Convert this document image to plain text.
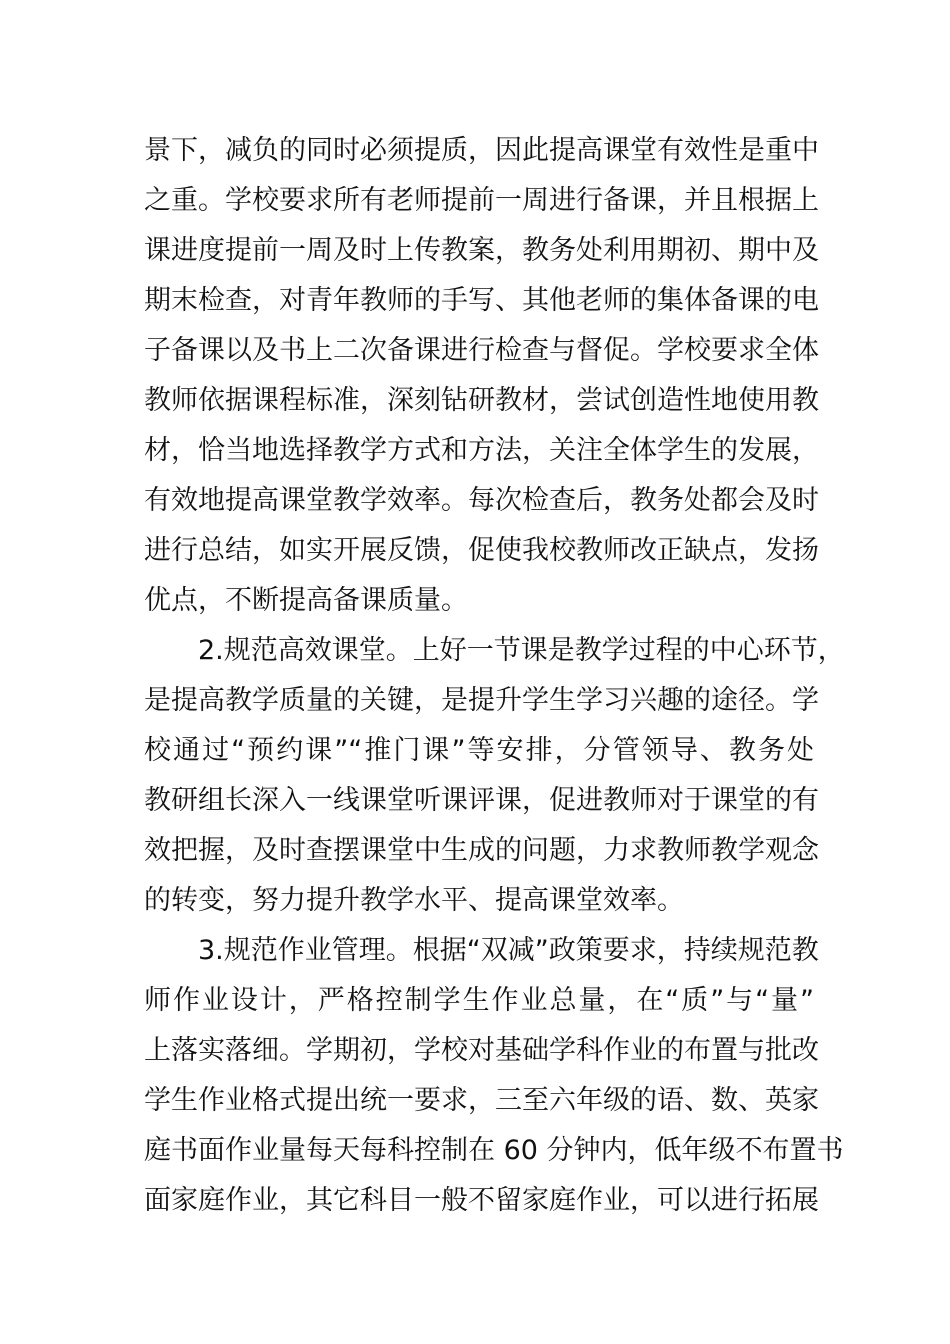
景下，减负的同时必须提质，因此提高课堂有效性是重中
之重。学校要求所有老师提前一周进行备课，并且根据上
课进度提前一周及时上传教案，教务处利用期初、期中及
期末检查，对青年教师的手写、其他老师的集体备课的电
子备课以及书上二次备课进行检查与督促。学校要求全体
教师依据课程标准，深刻钻研教材，尝试创造性地使用教
材，恰当地选择教学方式和方法，关注全体学生的发展，
有效地提高课堂教学效率。每次检查后，教务处都会及时
进行总结，如实开展反馈，促使我校教师改正缺点，发扬
优点，不断提高备课质量。
2.规范高效课堂。上好一节课是教学过程的中心环节，
是提高教学质量的关键，是提升学生学习兴趣的途径。学
校通过“预约课”“推门课”等安排，分管领导、教务处
教研组长深入一线课堂听课评课，促进教师对于课堂的有
效把握，及时查摆课堂中生成的问题，力求教师教学观念
的转变，努力提升教学水平、提高课堂效率。
3.规范作业管理。根据“双减”政策要求，持续规范教
师作业设计，严格控制学生作业总量，在“质”与“量”
上落实落细。学期初，学校对基础学科作业的布置与批改
学生作业格式提出统一要求，三至六年级的语、数、英家
庭书面作业量每天每科控制在 60 分钟内，低年级不布置书
面家庭作业，其它科目一般不留家庭作业，可以进行拓展
